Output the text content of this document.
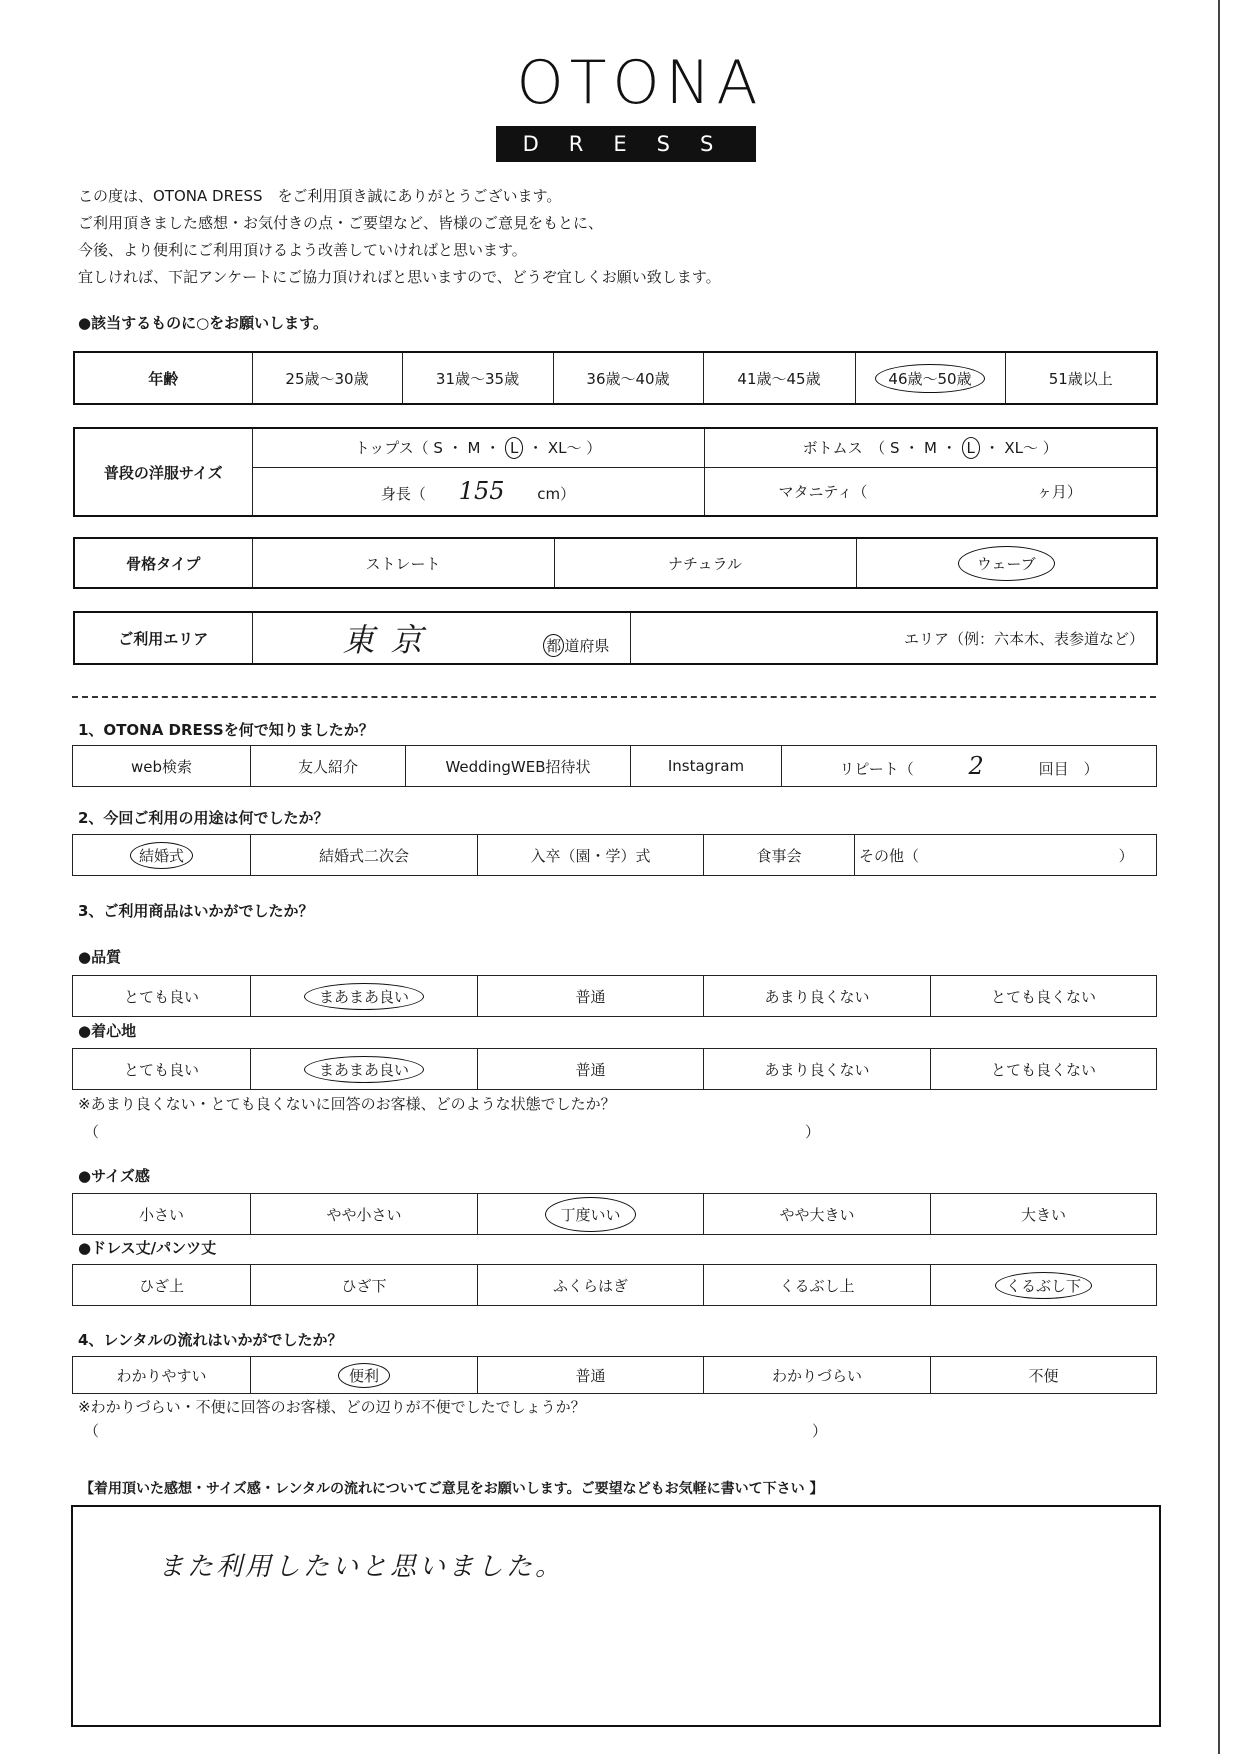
OTONA
DRESS
この度は、OTONA DRESS　をご利用頂き誠にありがとうございます。
ご利用頂きました感想・お気付きの点・ご要望など、皆様のご意見をもとに、
今後、より便利にご利用頂けるよう改善していければと思います。
宜しければ、下記アンケートにご協力頂ければと思いますので、どうぞ宜しくお願い致します。
●該当するものに○をお願いします。
年齢	25歳～30歳	31歳～35歳	36歳～40歳	41歳～45歳	46歳～50歳	51歳以上
普段の洋服サイズ	トップス（ S ・ M ・ L ・ XL～ ）	ボトムス　（ S ・ M ・ L ・ XL～ ）
	身長（ 155 cm）	マタニティ（ ヶ月）
骨格タイプ	ストレート	ナチュラル	ウェーブ
ご利用エリア	東京	都 道府県	エリア（例：六本木、表参道など）
1、OTONA DRESSを何で知りましたか？
web検索	友人紹介	WeddingWEB招待状	Instagram	リピート（ 2	回目　）
2、今回ご利用の用途は何でしたか？
結婚式	結婚式二次会	入卒（園・学）式	食事会	その他（	）
3、ご利用商品はいかがでしたか？
●品質
とても良い	まあまあ良い	普通	あまり良くない	とても良くない
●着心地
とても良い	まあまあ良い	普通	あまり良くない	とても良くない
※あまり良くない・とても良くないに回答のお客様、どのような状態でしたか？
（	）
●サイズ感
小さい	やや小さい	丁度いい	やや大きい	大きい
●ドレス丈/パンツ丈
ひざ上	ひざ下	ふくらはぎ	くるぶし上	くるぶし下
4、レンタルの流れはいかがでしたか？
わかりやすい	便利	普通	わかりづらい	不便
※わかりづらい・不便に回答のお客様、どの辺りが不便でしたでしょうか？
（	）
【着用頂いた感想・サイズ感・レンタルの流れについてご意見をお願いします。ご要望などもお気軽に書いて下さい 】
また利用したいと思いました。
